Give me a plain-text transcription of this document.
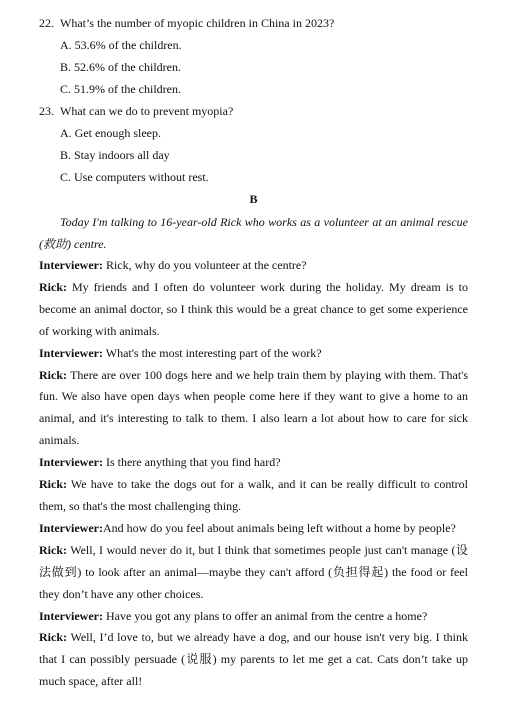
22. What’s the number of myopic children in China in 2023?
A. 53.6% of the children.
B. 52.6% of the children.
C. 51.9% of the children.
23. What can we do to prevent myopia?
A. Get enough sleep.
B. Stay indoors all day
C. Use computers without rest.
B

Today I'm talking to 16-year-old Rick who works as a volunteer at an animal rescue (救助) centre.

Interviewer: Rick, why do you volunteer at the centre?

Rick: My friends and I often do volunteer work during the holiday. My dream is to become an animal doctor, so I think this would be a great chance to get some experience of working with animals.

Interviewer: What's the most interesting part of the work?

Rick: There are over 100 dogs here and we help train them by playing with them. That's fun. We also have open days when people come here if they want to give a home to an animal, and it's interesting to talk to them. I also learn a lot about how to care for sick animals.

Interviewer: Is there anything that you find hard?

Rick: We have to take the dogs out for a walk, and it can be really difficult to control them, so that's the most challenging thing.

Interviewer:And how do you feel about animals being left without a home by people?

Rick: Well, I would never do it, but I think that sometimes people just can't manage (设法做到) to look after an animal—maybe they can't afford (负担得起) the food or feel they don’t have any other choices.

Interviewer: Have you got any plans to offer an animal from the centre a home?

Rick: Well, I’d love to, but we already have a dog, and our house isn't very big. I think that I can possibly persuade (说服) my parents to let me get a cat. Cats don’t take up much space, after all!
